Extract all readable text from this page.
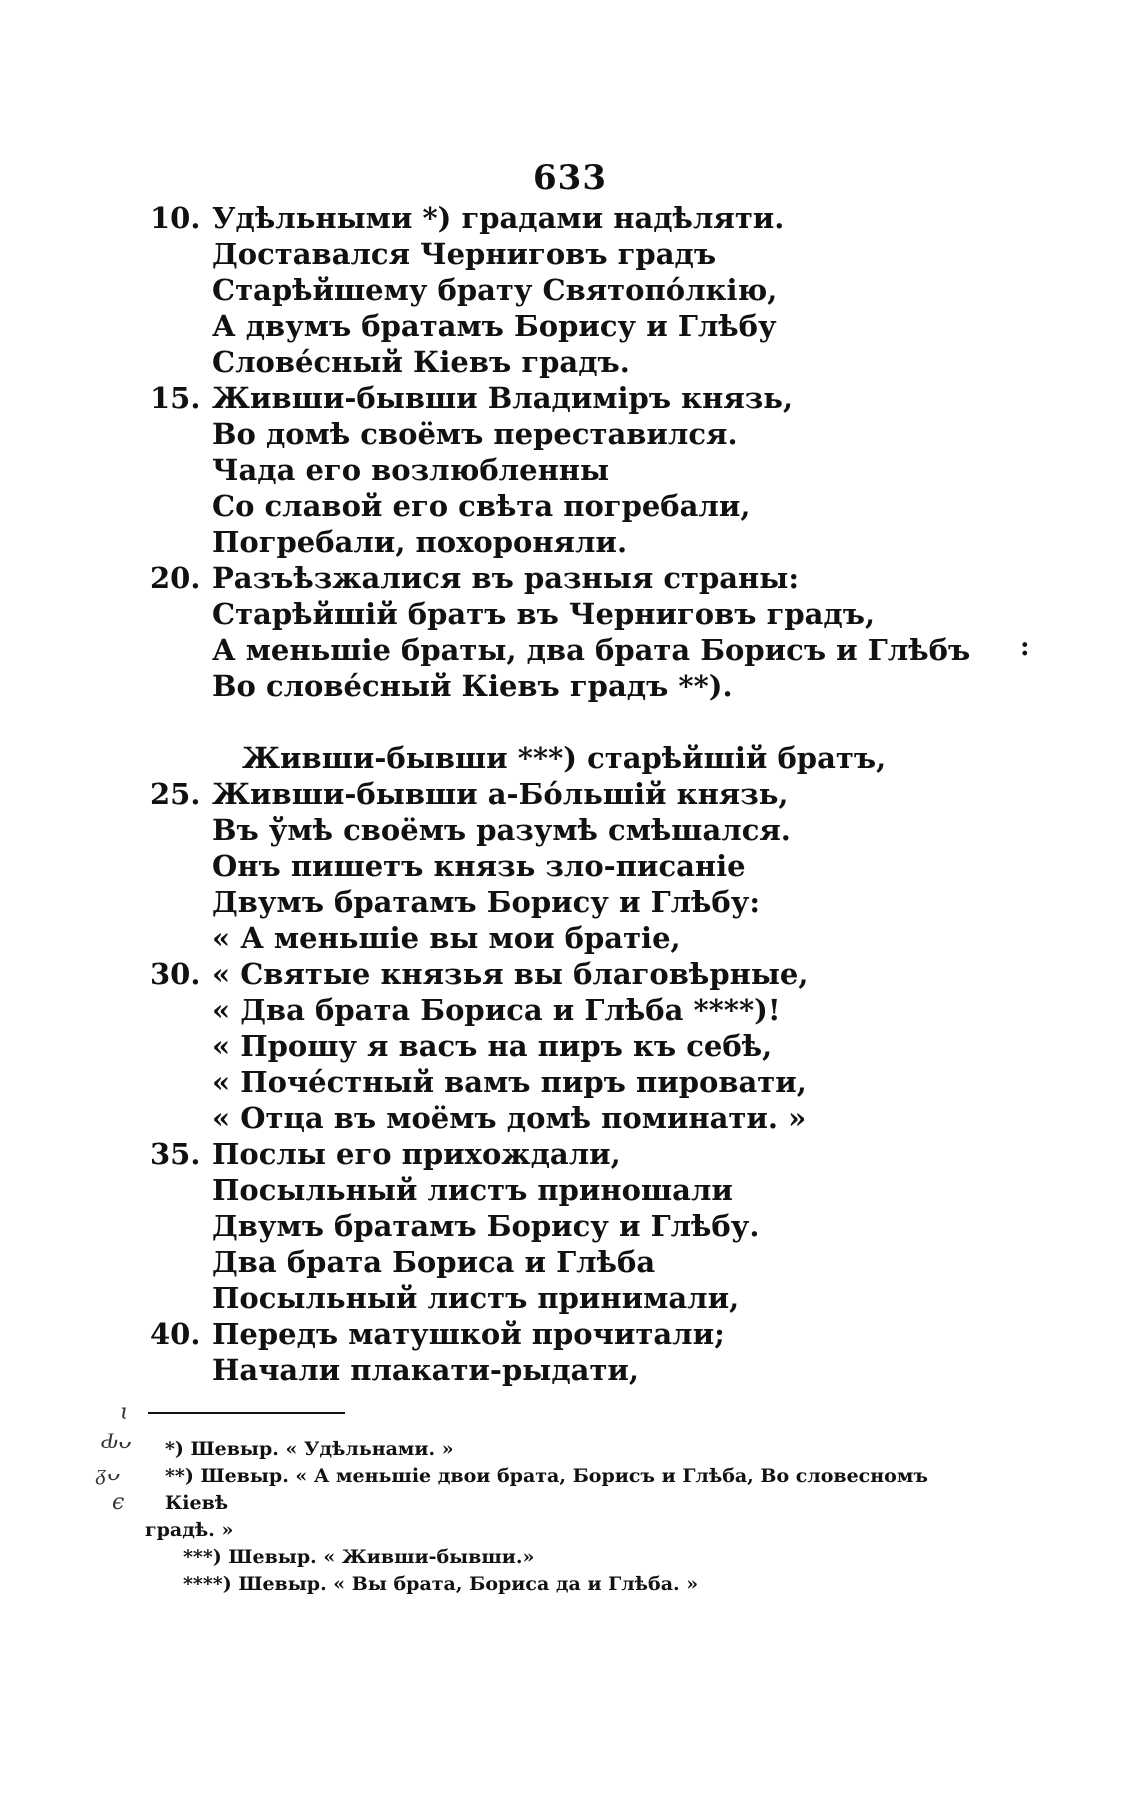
633
10. Удѣльными *) градами надѣляти.
Доставался Черниговъ градъ
Старѣйшему брату Святопόлкію,
А двумъ братамъ Борису и Глѣбу
Словéсный Кіевъ градъ.
15. Живши-бывши Владиміръ князь,
Во домѣ своёмъ переставился.
Чада его возлюбленны
Со славой его свѣта погребали,
Погребали, похороняли.
20. Разъѣзжалися въ разныя страны:
Старѣйшій братъ въ Черниговъ градъ,
А меньшіе браты, два брата Борисъ и Глѣбъ
Во словéсный Кіевъ градъ **).
Живши-бывши ***) старѣйшій братъ,
25. Живши-бывши а-Бόльшій князь,
Въ ўмѣ своёмъ разумѣ смѣшался.
Онъ пишетъ князь зло-писаніе
Двумъ братамъ Борису и Глѣбу:
« А меньшіе вы мои братіе,
30. « Святые князья вы благовѣрные,
« Два брата Бориса и Глѣба ****)!
« Прошу я васъ на пиръ къ себѣ,
« Почéстный вамъ пиръ пировати,
« Отца въ моёмъ домѣ поминати. »
35. Послы его прихождали,
Посыльный листъ приношали
Двумъ братамъ Борису и Глѣбу.
Два брата Бориса и Глѣба
Посыльный листъ принимали,
40. Передъ матушкой прочитали;
Начали плакати-рыдати,
*) Шевыр. « Удѣльнами. »
**) Шевыр. « А меньшіе двои брата, Борисъ и Глѣба, Во словесномъ Кіевѣ
градѣ. »
***) Шевыр. « Живши-бывши.»
****) Шевыр. « Вы брата, Бориса да и Глѣба. »
ɩ
Ԃᴗ
ᵹᴗ
ϵ
:
